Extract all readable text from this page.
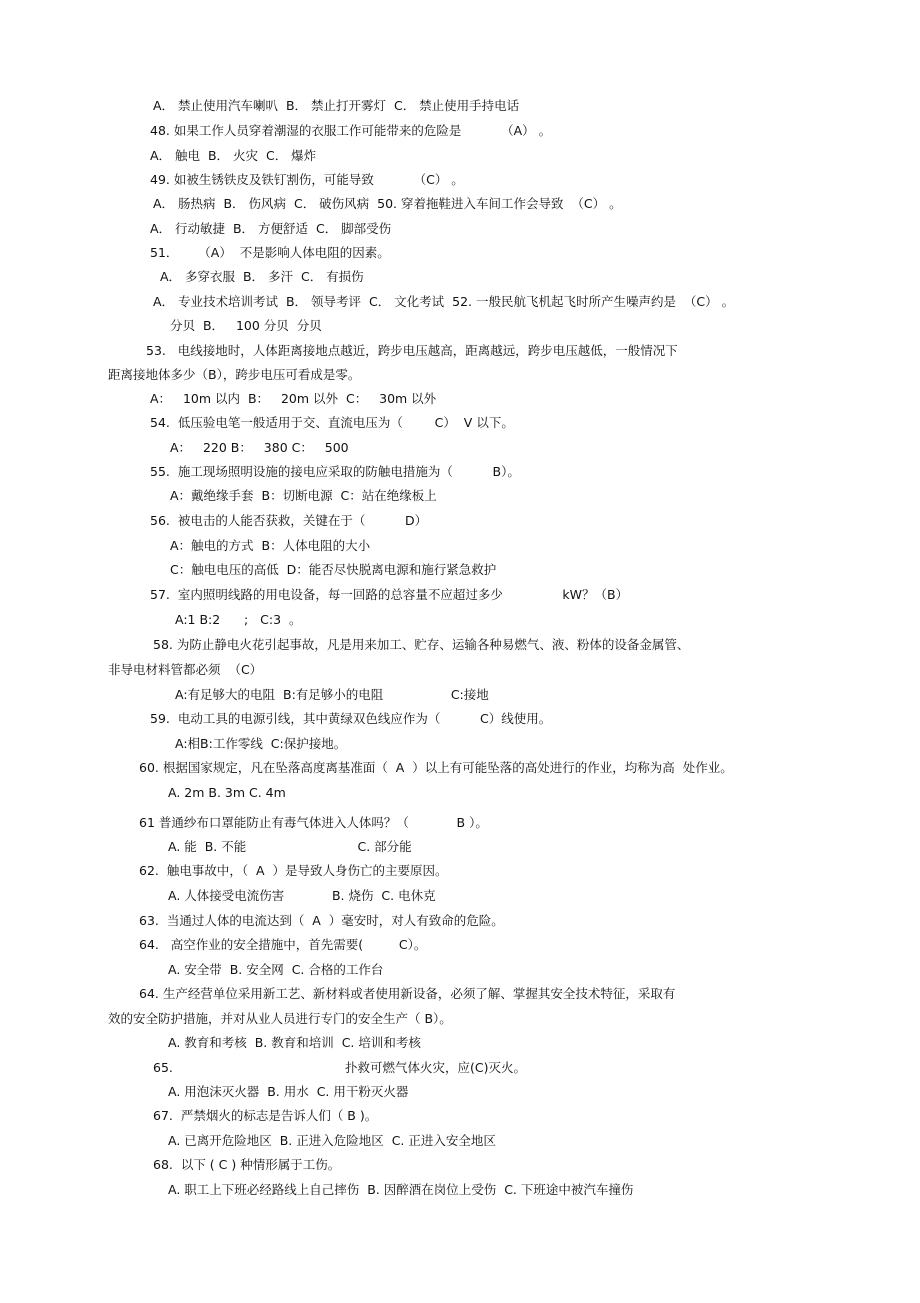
A． 禁止使用汽车喇叭  B． 禁止打开雾灯  C． 禁止使用手持电话
48. 如果工作人员穿着潮湿的衣服工作可能带来的危险是          （A） 。
A． 触电  B． 火灾  C． 爆炸
49. 如被生锈铁皮及铁钉割伤，可能导致          （C） 。
A． 肠热病  B． 伤风病  C． 破伤风病  50. 穿着拖鞋进入车间工作会导致  （C） 。
A． 行动敏捷  B． 方便舒适  C． 脚部受伤
51．     （A）  不是影响人体电阻的因素。
A． 多穿衣服  B． 多汗  C． 有损伤
A． 专业技术培训考试  B． 领导考评  C． 文化考试  52. 一般民航飞机起飞时所产生噪声约是  （C） 。
分贝  B．   100 分贝  分贝
53.   电线接地时，人体距离接地点越近，跨步电压越高，距离越远，跨步电压越低，一般情况下
距离接地体多少（B），跨步电压可看成是零。
A：   10m 以内  B：   20m 以外  C：   30m 以外
54.  低压验电笔一般适用于交、直流电压为（        C）  V 以下。
A：   220 B：   380 C：   500
55.  施工现场照明设施的接电应采取的防触电措施为（          B）。
A：戴绝缘手套  B：切断电源  C：站在绝缘板上
56.  被电击的人能否获救，关键在于（          D）
A：触电的方式  B：人体电阻的大小
C：触电电压的高低  D：能否尽快脱离电源和施行紧急救护
57.  室内照明线路的用电设备，每一回路的总容量不应超过多少               kW？（B）
A:1 B:2      ;   C:3  。
58. 为防止静电火花引起事故，凡是用来加工、贮存、运输各种易燃气、液、粉体的设备金属管、
非导电材料管都必须  （C）
A:有足够大的电阻  B:有足够小的电阻                 C:接地
59.  电动工具的电源引线，其中黄绿双色线应作为（          C）线使用。
A:相B:工作零线  C:保护接地。
60. 根据国家规定，凡在坠落高度离基准面（  A  ）以上有可能坠落的高处进行的作业，均称为高  处作业。
A. 2m B. 3m C. 4m
61 普通纱布口罩能防止有毒气体进入人体吗？（            B ）。
A. 能  B. 不能                            C. 部分能
62.  触电事故中，（  A  ）是导致人身伤亡的主要原因。
A. 人体接受电流伤害            B. 烧伤  C. 电休克
63.  当通过人体的电流达到（  A  ）毫安时，对人有致命的危险。
64.   高空作业的安全措施中，首先需要(         C）。
A. 安全带  B. 安全网  C. 合格的工作台
64. 生产经营单位采用新工艺、新材料或者使用新设备，必须了解、掌握其安全技术特征，采取有
效的安全防护措施，并对从业人员进行专门的安全生产（ B）。
A. 教育和考核  B. 教育和培训  C. 培训和考核
65.	扑救可燃气体火灾，应(C)灭火。
A. 用泡沫灭火器  B. 用水  C. 用干粉灭火器
67.  严禁烟火的标志是告诉人们（ B )。
A. 已离开危险地区  B. 正进入危险地区  C. 正进入安全地区
68.  以下 ( C ) 种情形属于工伤。
A. 职工上下班必经路线上自己摔伤  B. 因醉酒在岗位上受伤  C. 下班途中被汽车撞伤
